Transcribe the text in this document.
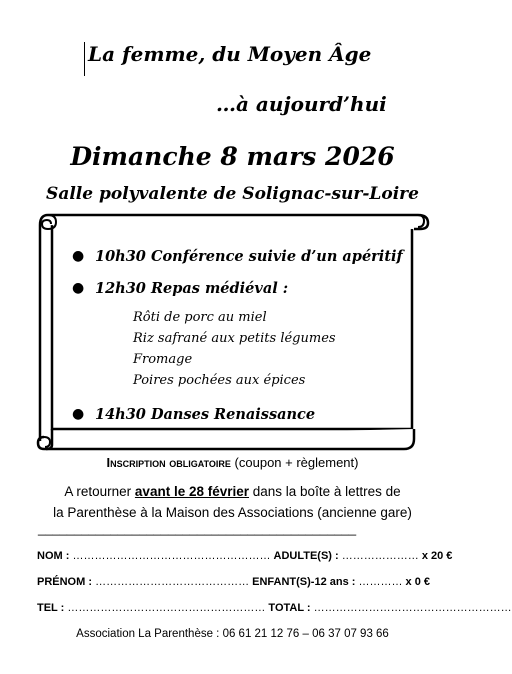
La femme, du Moyen Âge
…à aujourd’hui
Dimanche 8 mars 2026
Salle polyvalente de Solignac-sur-Loire
● 10h30 Conférence suivie d’un apéritif
● 12h30 Repas médiéval :
Rôti de porc au miel
Riz safrané aux petits légumes
Fromage
Poires pochées aux épices
● 14h30 Danses Renaissance
Inscription obligatoire (coupon + règlement)
A retourner avant le 28 février dans la boîte à lettres de
la Parenthèse à la Maison des Associations (ancienne gare)
____________________________________________
NOM : ……………………………………………… ADULTE(S) : ………………… x 20 €
PRÉNOM : …………………………………… ENFANT(S)-12 ans : ………… x 0 €
TEL : ……………………………………………… TOTAL : ………………………………………………
Association La Parenthèse : 06 61 21 12 76 – 06 37 07 93 66
